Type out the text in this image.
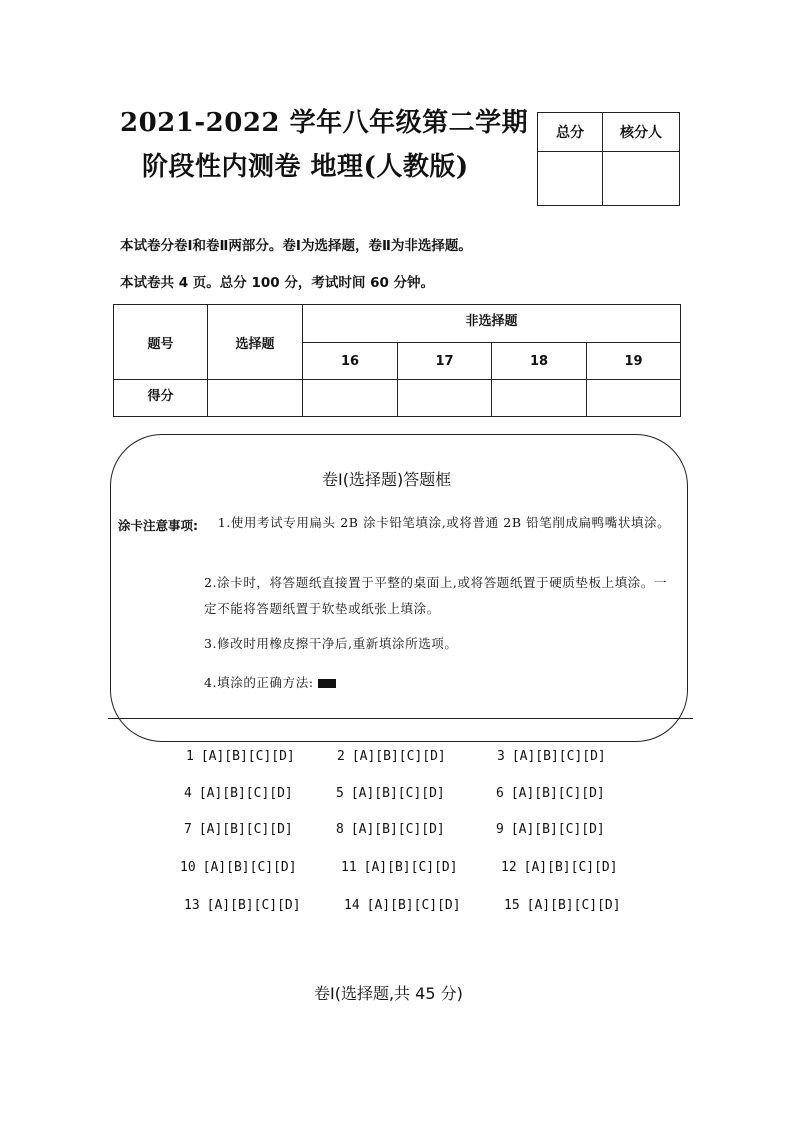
2021-2022 学年八年级第二学期
阶段性内测卷 地理(人教版)
总分	核分人

本试卷分卷Ⅰ和卷Ⅱ两部分。卷Ⅰ为选择题，卷Ⅱ为非选择题。
本试卷共 4 页。总分 100 分，考试时间 60 分钟。
题号	选择题	非选择题			
		16	17	18	19
得分					
卷Ⅰ(选择题)答题框
涂卡注意事项:	1.使用考试专用扁头 2B 涂卡铅笔填涂,或将普通 2B 铅笔削成扁鸭嘴状填涂。
2.涂卡时，将答题纸直接置于平整的桌面上,或将答题纸置于硬质垫板上填涂。一定不能将答题纸置于软垫或纸张上填涂。
3.修改时用橡皮擦干净后,重新填涂所选项。
4.填涂的正确方法:
1 [A][B][C][D]	2 [A][B][C][D]	3 [A][B][C][D]
4 [A][B][C][D]	5 [A][B][C][D]	6 [A][B][C][D]
7 [A][B][C][D]	8 [A][B][C][D]	9 [A][B][C][D]
10 [A][B][C][D]	11 [A][B][C][D]	12 [A][B][C][D]
13 [A][B][C][D]	14 [A][B][C][D]	15 [A][B][C][D]
卷Ⅰ(选择题,共 45 分)
